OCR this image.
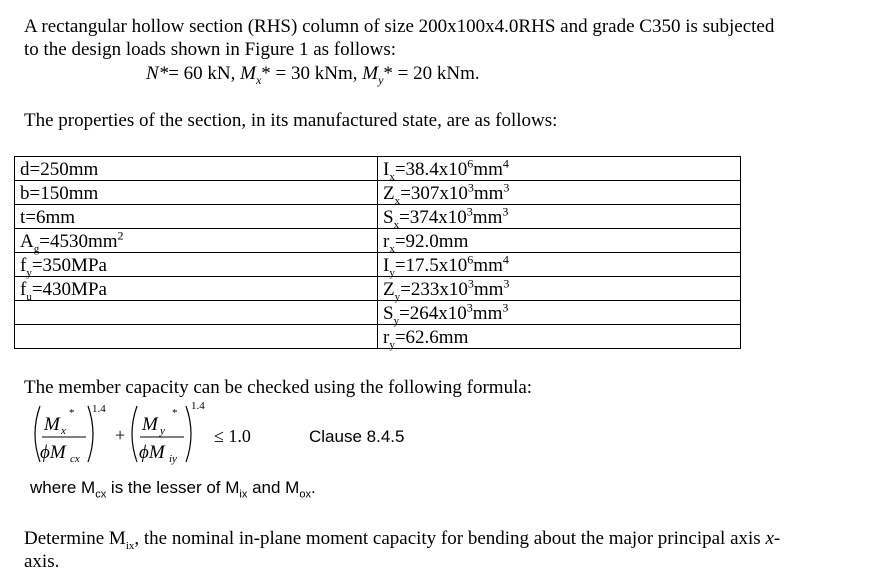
A rectangular hollow section (RHS) column of size 200x100x4.0RHS and grade C350 is subjected
to the design loads shown in Figure 1 as follows:
N*= 60 kN, $M_x* = 30$ kNm, $M_y* = 20$ kNm.
The properties of the section, in its manufactured state, are as follows:
d=250mm	$I_x=38.4x10^6mm^4$
b=150mm	$Z_x=307x10^3mm^3$
t=6mm	$S_x=374x10^3mm^3$
$A_g=4530mm^2$	$r_x=92.0mm$
$f_y=350MPa$	$I_y=17.5x10^6mm^4$
$f_u=430MPa$	$Z_y=233x10^3mm^3$
	$S_y=264x10^3mm^3$
	$r_y=62.6mm$
The member capacity can be checked using the following formula:
M x
*
ϕM cx
1.4
+ M y
*
ϕM iy
1.4
≤ 1.0	Clause 8.4.5
where $M_{cx}$ is the lesser of $M_{ix}$ and $M_{ox}$.
Determine $M_{ix}$, the nominal in-plane moment capacity for bending about the major principal axis x-
axis.
